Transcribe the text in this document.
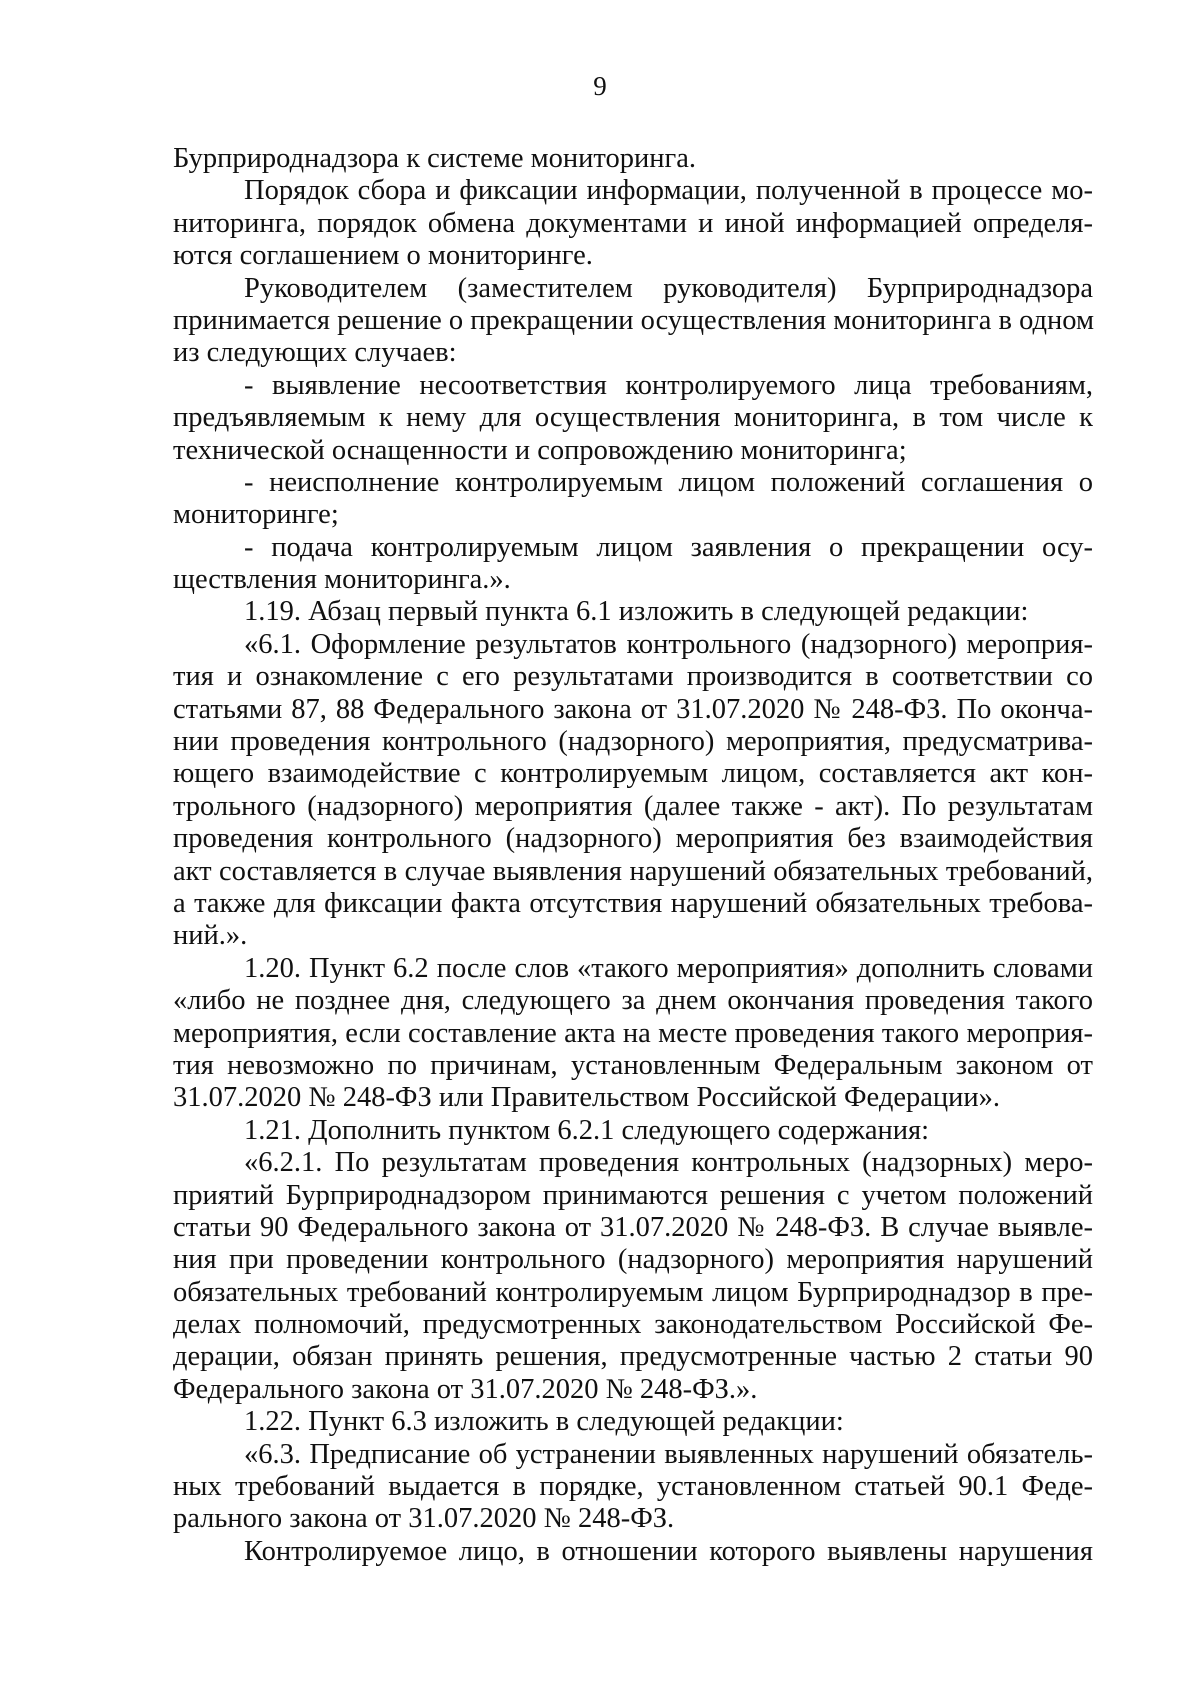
9
Бурприроднадзора к системе мониторинга.
Порядок сбора и фиксации информации, полученной в процессе мо-
ниторинга, порядок обмена документами и иной информацией определя-
ются соглашением о мониторинге.
Руководителем (заместителем руководителя) Бурприроднадзора
принимается решение о прекращении осуществления мониторинга в одном
из следующих случаев:
- выявление несоответствия контролируемого лица требованиям,
предъявляемым к нему для осуществления мониторинга, в том числе к
технической оснащенности и сопровождению мониторинга;
- неисполнение контролируемым лицом положений соглашения о
мониторинге;
- подача контролируемым лицом заявления о прекращении осу-
ществления мониторинга.».
1.19. Абзац первый пункта 6.1 изложить в следующей редакции:
«6.1. Оформление результатов контрольного (надзорного) мероприя-
тия и ознакомление с его результатами производится в соответствии со
статьями 87, 88 Федерального закона от 31.07.2020 № 248-ФЗ. По оконча-
нии проведения контрольного (надзорного) мероприятия, предусматрива-
ющего взаимодействие с контролируемым лицом, составляется акт кон-
трольного (надзорного) мероприятия (далее также - акт). По результатам
проведения контрольного (надзорного) мероприятия без взаимодействия
акт составляется в случае выявления нарушений обязательных требований,
а также для фиксации факта отсутствия нарушений обязательных требова-
ний.».
1.20. Пункт 6.2 после слов «такого мероприятия» дополнить словами
«либо не позднее дня, следующего за днем окончания проведения такого
мероприятия, если составление акта на месте проведения такого мероприя-
тия невозможно по причинам, установленным Федеральным законом от
31.07.2020 № 248-ФЗ или Правительством Российской Федерации».
1.21. Дополнить пунктом 6.2.1 следующего содержания:
«6.2.1. По результатам проведения контрольных (надзорных) меро-
приятий Бурприроднадзором принимаются решения с учетом положений
статьи 90 Федерального закона от 31.07.2020 № 248-ФЗ. В случае выявле-
ния при проведении контрольного (надзорного) мероприятия нарушений
обязательных требований контролируемым лицом Бурприроднадзор в пре-
делах полномочий, предусмотренных законодательством Российской Фе-
дерации, обязан принять решения, предусмотренные частью 2 статьи 90
Федерального закона от 31.07.2020 № 248-ФЗ.».
1.22. Пункт 6.3 изложить в следующей редакции:
«6.3. Предписание об устранении выявленных нарушений обязатель-
ных требований выдается в порядке, установленном статьей 90.1 Феде-
рального закона от 31.07.2020 № 248-ФЗ.
Контролируемое лицо, в отношении которого выявлены нарушения
